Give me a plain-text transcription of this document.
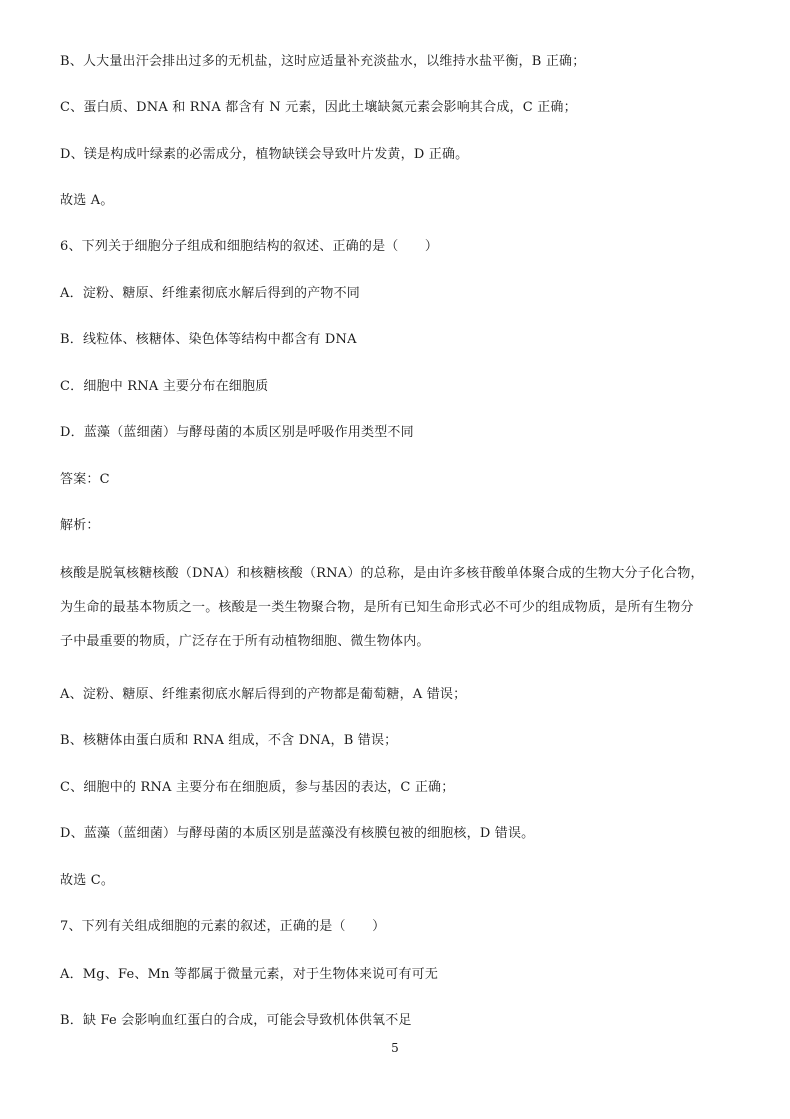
B、人大量出汗会排出过多的无机盐，这时应适量补充淡盐水，以维持水盐平衡，B 正确；
C、蛋白质、DNA 和 RNA 都含有 N 元素，因此土壤缺氮元素会影响其合成，C 正确；
D、镁是构成叶绿素的必需成分，植物缺镁会导致叶片发黄，D 正确。
故选 A。
6、下列关于细胞分子组成和细胞结构的叙述、正确的是（　　）
A．淀粉、糖原、纤维素彻底水解后得到的产物不同
B．线粒体、核糖体、染色体等结构中都含有 DNA
C．细胞中 RNA 主要分布在细胞质
D．蓝藻（蓝细菌）与酵母菌的本质区别是呼吸作用类型不同
答案：C
解析：
核酸是脱氧核糖核酸（DNA）和核糖核酸（RNA）的总称，是由许多核苷酸单体聚合成的生物大分子化合物，
为生命的最基本物质之一。核酸是一类生物聚合物，是所有已知生命形式必不可少的组成物质，是所有生物分
子中最重要的物质，广泛存在于所有动植物细胞、微生物体内。
A、淀粉、糖原、纤维素彻底水解后得到的产物都是葡萄糖，A 错误；
B、核糖体由蛋白质和 RNA 组成，不含 DNA，B 错误；
C、细胞中的 RNA 主要分布在细胞质，参与基因的表达，C 正确；
D、蓝藻（蓝细菌）与酵母菌的本质区别是蓝藻没有核膜包被的细胞核，D 错误。
故选 C。
7、下列有关组成细胞的元素的叙述，正确的是（　　）
A．Mg、Fe、Mn 等都属于微量元素，对于生物体来说可有可无
B．缺 Fe 会影响血红蛋白的合成，可能会导致机体供氧不足
5
